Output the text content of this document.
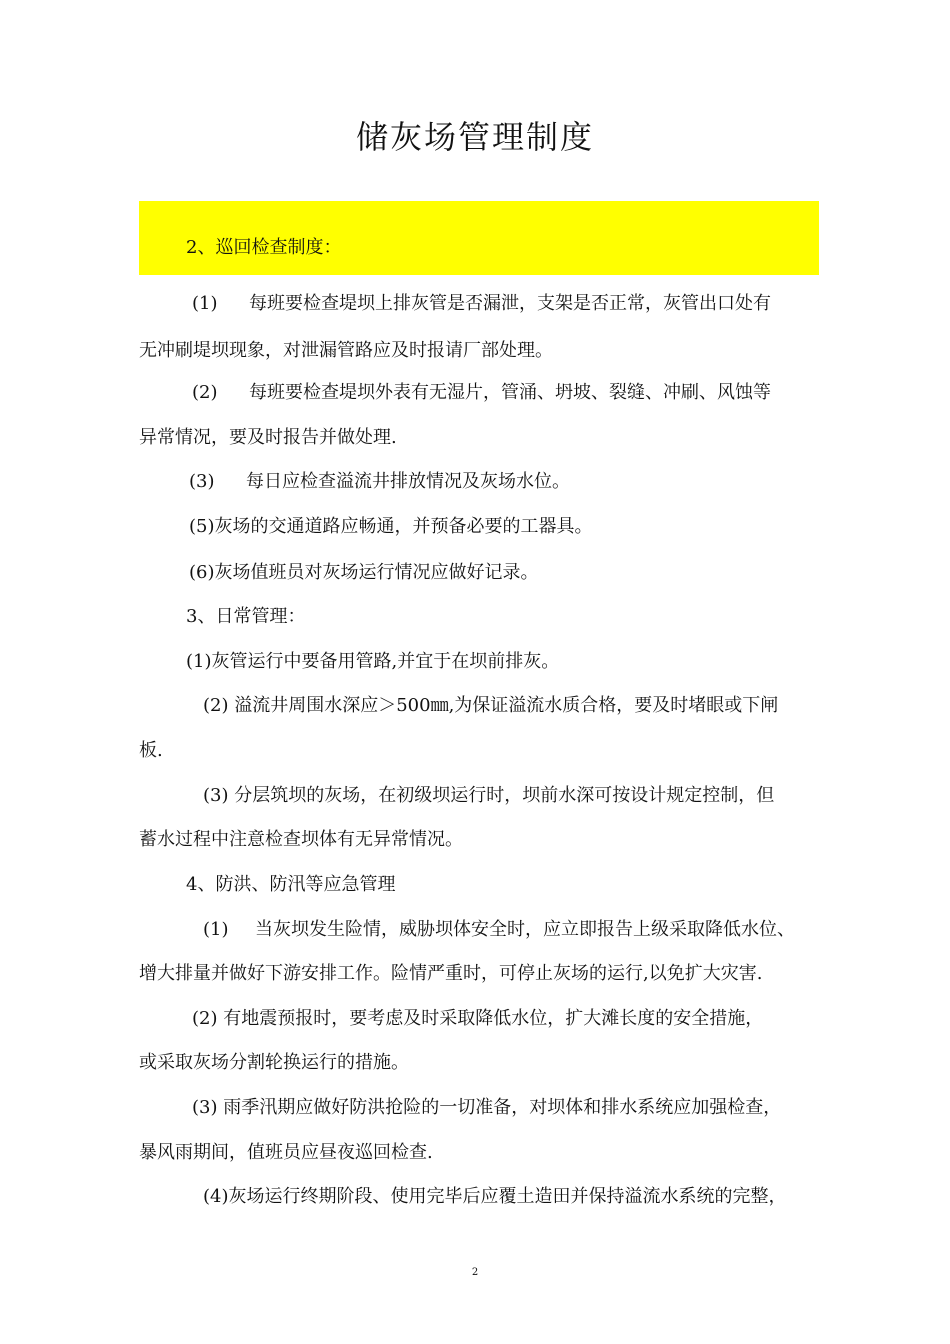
储灰场管理制度
2、巡回检查制度：
(1) 每班要检查堤坝上排灰管是否漏泄，支架是否正常，灰管出口处有
无冲刷堤坝现象，对泄漏管路应及时报请厂部处理。
(2) 每班要检查堤坝外表有无湿片，管涌、坍坡、裂缝、冲刷、风蚀等
异常情况，要及时报告并做处理.
(3) 每日应检查溢流井排放情况及灰场水位。
(5)灰场的交通道路应畅通，并预备必要的工器具。
(6)灰场值班员对灰场运行情况应做好记录。
3、日常管理：
(1)灰管运行中要备用管路,并宜于在坝前排灰。
(2) 溢流井周围水深应＞500㎜,为保证溢流水质合格，要及时堵眼或下闸
板.
(3) 分层筑坝的灰场，在初级坝运行时，坝前水深可按设计规定控制，但
蓄水过程中注意检查坝体有无异常情况。
4、防洪、防汛等应急管理
(1) 当灰坝发生险情，威胁坝体安全时，应立即报告上级采取降低水位、
增大排量并做好下游安排工作。险情严重时，可停止灰场的运行,以免扩大灾害.
(2) 有地震预报时，要考虑及时采取降低水位，扩大滩长度的安全措施，
或采取灰场分割轮换运行的措施。
(3) 雨季汛期应做好防洪抢险的一切准备，对坝体和排水系统应加强检查，
暴风雨期间，值班员应昼夜巡回检查.
(4)灰场运行终期阶段、使用完毕后应覆土造田并保持溢流水系统的完整，
2
